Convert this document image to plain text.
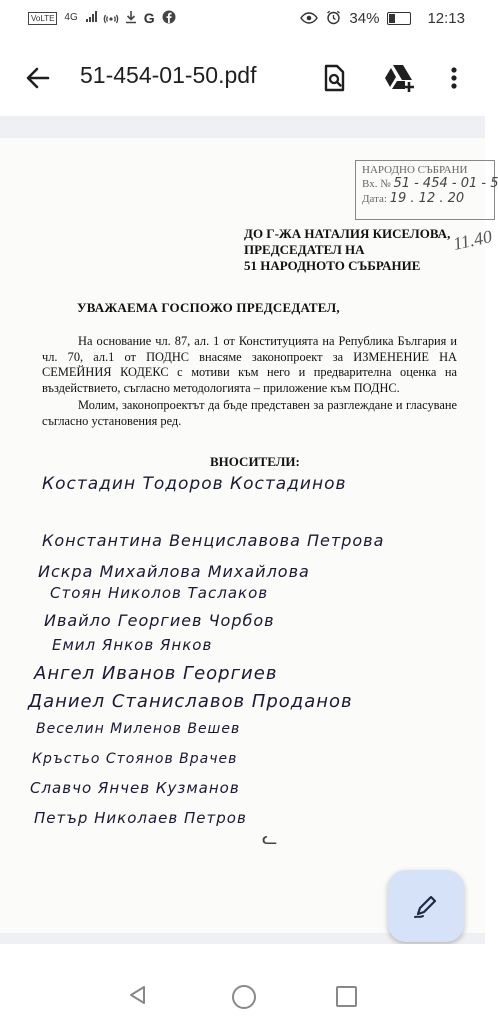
VoLTE	4G	G	34%	12:13
51-454-01-50.pdf
НАРОДНО СЪБРАНИ
Вх. № 51 - 454 - 01 - 5
Дата: 19 . 12 . 20
ДО Г-ЖА НАТАЛИЯ КИСЕЛОВА,
ПРЕДСЕДАТЕЛ НА
51 НАРОДНОТО СЪБРАНИЕ
11.40
УВАЖАЕМА ГОСПОЖО ПРЕДСЕДАТЕЛ,
На основание чл. 87, ал. 1 от Конституцията на Република България и чл. 70, ал.1 от ПОДНС внасяме законопроект за ИЗМЕНЕНИЕ НА СЕМЕЙНИЯ КОДЕКС с мотиви към него и предварителна оценка на въздействието, съгласно методологията – приложение към ПОДНС.
Молим, законопроектът да бъде представен за разглеждане и гласуване съгласно установения ред.
ВНОСИТЕЛИ:
Костадин Тодоров Костадинов
Константина Венциславова Петрова
Искра Михайлова Михайлова
Стоян Николов Таслаков
Ивайло Георгиев Чорбов
Емил Янков Янков
Ангел Иванов Георгиев
Даниел Станиславов Проданов
Веселин Миленов Вешев
Кръстьо Стоянов Врачев
Славчо Янчев Кузманов
Петър Николаев Петров
ᓚ
